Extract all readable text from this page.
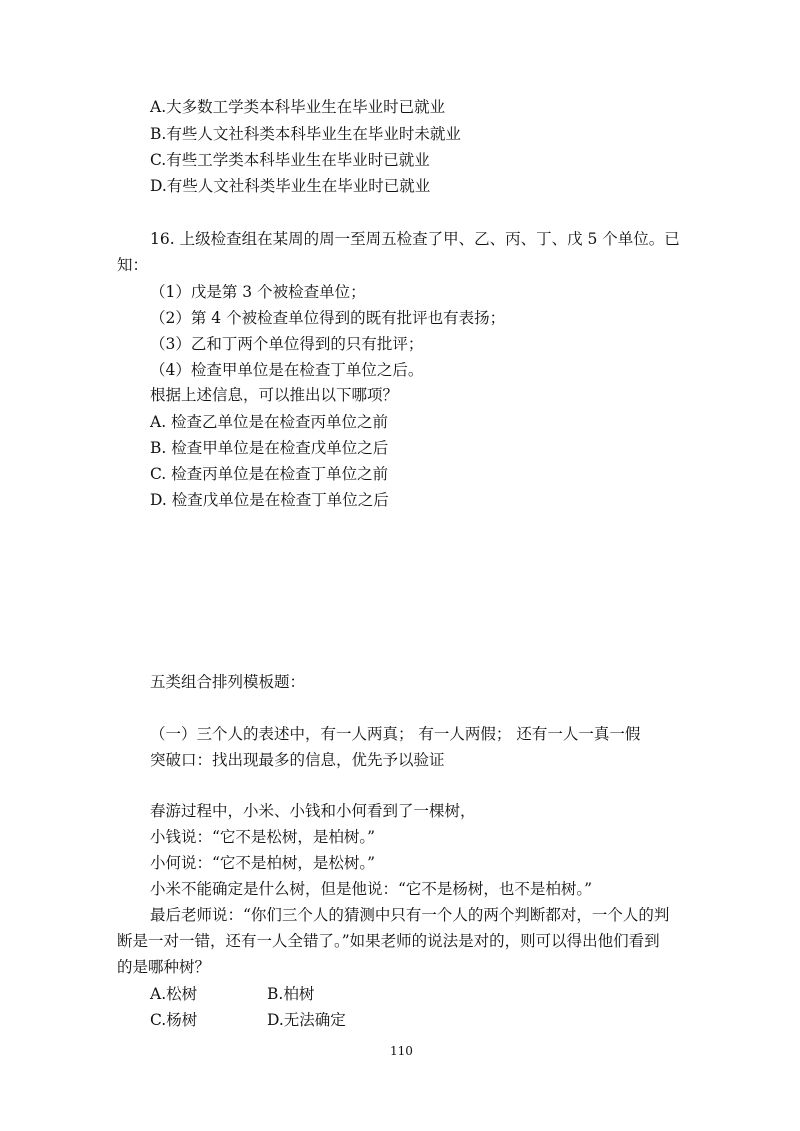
A.大多数工学类本科毕业生在毕业时已就业
B.有些人文社科类本科毕业生在毕业时未就业
C.有些工学类本科毕业生在毕业时已就业
D.有些人文社科类毕业生在毕业时已就业
16. 上级检查组在某周的周一至周五检查了甲、乙、丙、丁、戊 5 个单位。已
知：
（1）戊是第 3 个被检查单位；
（2）第 4 个被检查单位得到的既有批评也有表扬；
（3）乙和丁两个单位得到的只有批评；
（4）检查甲单位是在检查丁单位之后。
根据上述信息，可以推出以下哪项？
A. 检查乙单位是在检查丙单位之前
B. 检查甲单位是在检查戊单位之后
C. 检查丙单位是在检查丁单位之前
D. 检查戊单位是在检查丁单位之后
五类组合排列模板题：
（一）三个人的表述中，有一人两真； 有一人两假； 还有一人一真一假
突破口：找出现最多的信息，优先予以验证
春游过程中，小米、小钱和小何看到了一棵树，
小钱说：“它不是松树，是柏树。”
小何说：“它不是柏树，是松树。”
小米不能确定是什么树，但是他说：“它不是杨树，也不是柏树。”
最后老师说：“你们三个人的猜测中只有一个人的两个判断都对，一个人的判
断是一对一错，还有一人全错了。”如果老师的说法是对的，则可以得出他们看到
的是哪种树？
A.松树	B.柏树
C.杨树	D.无法确定
110
